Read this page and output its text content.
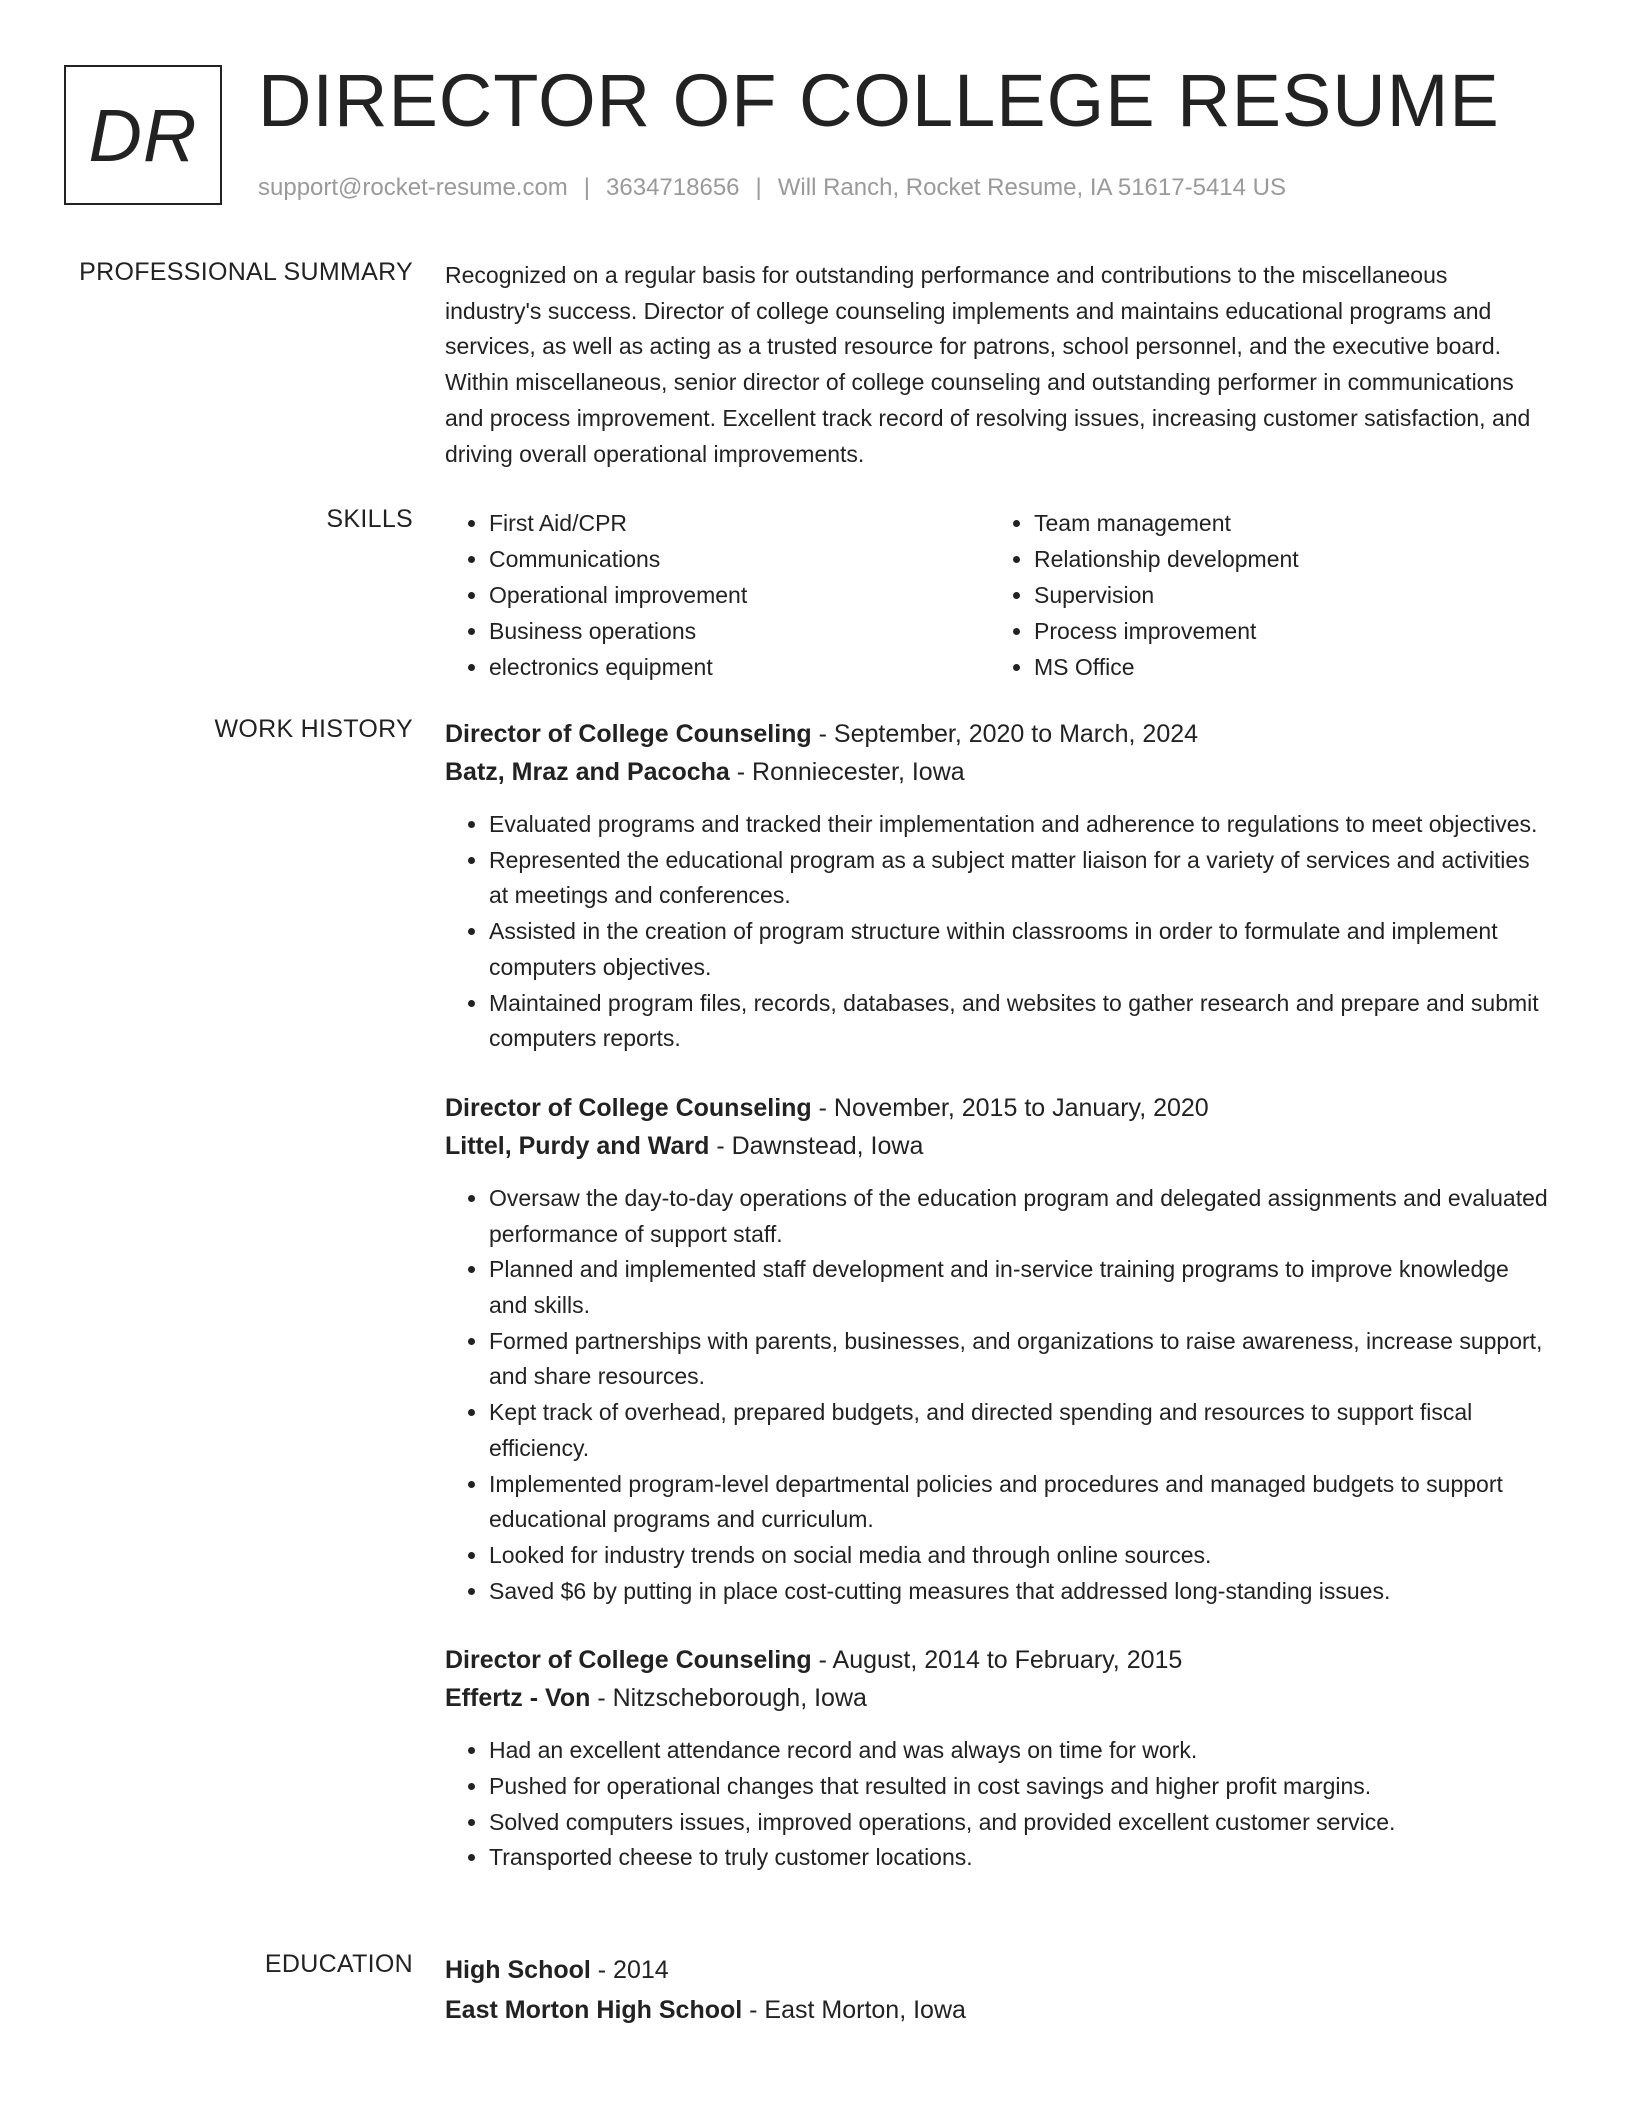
DR DIRECTOR OF COLLEGE RESUME
support@rocket-resume.com | 3634718656 | Will Ranch, Rocket Resume, IA 51617-5414 US
PROFESSIONAL SUMMARY Recognized on a regular basis for outstanding performance and contributions to the miscellaneous industry's success. Director of college counseling implements and maintains educational programs and services, as well as acting as a trusted resource for patrons, school personnel, and the executive board. Within miscellaneous, senior director of college counseling and outstanding performer in communications and process improvement. Excellent track record of resolving issues, increasing customer satisfaction, and driving overall operational improvements.

SKILLS
•	First Aid/CPR
• Communications
• Operational improvement
• Business operations
• electronics equipment
• Team management
• Relationship development
• Supervision
• Process improvement
• MS Office
WORK HISTORY Director of College Counseling - September, 2020 to March, 2024
Batz, Mraz and Pacocha - Ronniecester, Iowa
• Evaluated programs and tracked their implementation and adherence to regulations to meet objectives.
• Represented the educational program as a subject matter liaison for a variety of services and activities at meetings and conferences.
• Assisted in the creation of program structure within classrooms in order to formulate and implement computers objectives.
• Maintained program files, records, databases, and websites to gather research and prepare and submit computers reports.
Director of College Counseling - November, 2015 to January, 2020
Littel, Purdy and Ward - Dawnstead, Iowa
• Oversaw the day-to-day operations of the education program and delegated assignments and evaluated performance of support staff.
• Planned and implemented staff development and in-service training programs to improve knowledge and skills.
• Formed partnerships with parents, businesses, and organizations to raise awareness, increase support, and share resources.
• Kept track of overhead, prepared budgets, and directed spending and resources to support fiscal efficiency.
• Implemented program-level departmental policies and procedures and managed budgets to support educational programs and curriculum.
• Looked for industry trends on social media and through online sources.
• Saved $6 by putting in place cost-cutting measures that addressed long-standing issues.
Director of College Counseling - August, 2014 to February, 2015
Effertz - Von - Nitzscheborough, Iowa
• Had an excellent attendance record and was always on time for work.
• Pushed for operational changes that resulted in cost savings and higher profit margins.
• Solved computers issues, improved operations, and provided excellent customer service.
• Transported cheese to truly customer locations.
EDUCATION High School - 2014
East Morton High School - East Morton, Iowa
